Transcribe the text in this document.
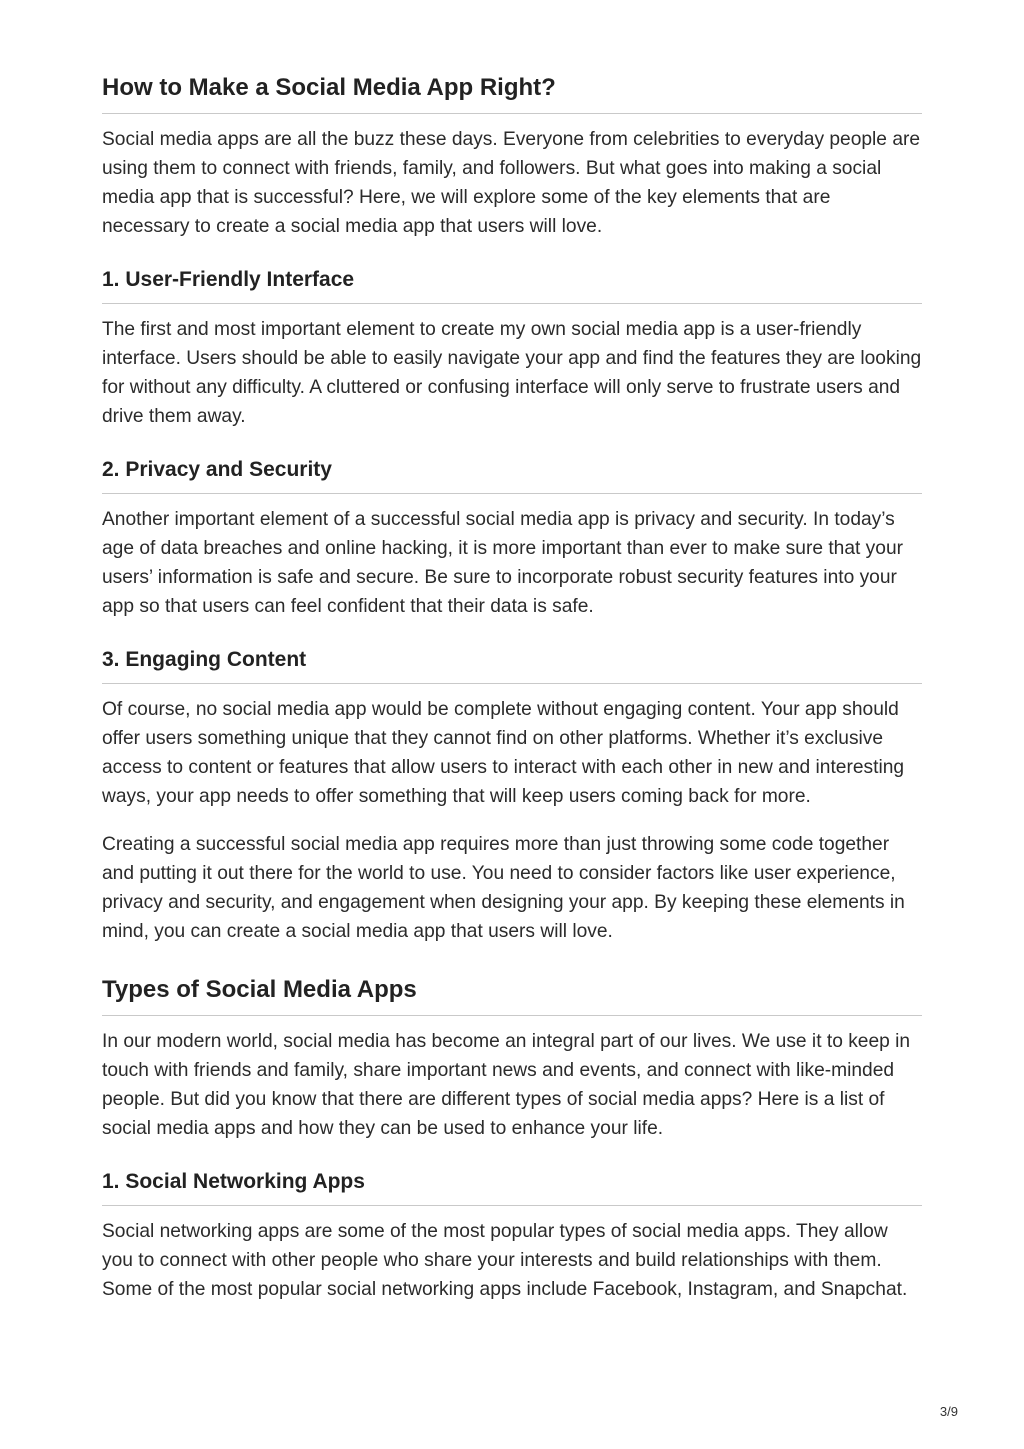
How to Make a Social Media App Right?

Social media apps are all the buzz these days. Everyone from celebrities to everyday people are using them to connect with friends, family, and followers. But what goes into making a social media app that is successful? Here, we will explore some of the key elements that are necessary to create a social media app that users will love.

1. User-Friendly Interface

The first and most important element to create my own social media app is a user-friendly interface. Users should be able to easily navigate your app and find the features they are looking for without any difficulty. A cluttered or confusing interface will only serve to frustrate users and drive them away.

2. Privacy and Security

Another important element of a successful social media app is privacy and security. In today’s age of data breaches and online hacking, it is more important than ever to make sure that your users’ information is safe and secure. Be sure to incorporate robust security features into your app so that users can feel confident that their data is safe.

3. Engaging Content

Of course, no social media app would be complete without engaging content. Your app should offer users something unique that they cannot find on other platforms. Whether it’s exclusive access to content or features that allow users to interact with each other in new and interesting ways, your app needs to offer something that will keep users coming back for more.

Creating a successful social media app requires more than just throwing some code together and putting it out there for the world to use. You need to consider factors like user experience, privacy and security, and engagement when designing your app. By keeping these elements in mind, you can create a social media app that users will love.

Types of Social Media Apps

In our modern world, social media has become an integral part of our lives. We use it to keep in touch with friends and family, share important news and events, and connect with like-minded people. But did you know that there are different types of social media apps? Here is a list of social media apps and how they can be used to enhance your life.

1. Social Networking Apps

Social networking apps are some of the most popular types of social media apps. They allow you to connect with other people who share your interests and build relationships with them. Some of the most popular social networking apps include Facebook, Instagram, and Snapchat.

3/9
